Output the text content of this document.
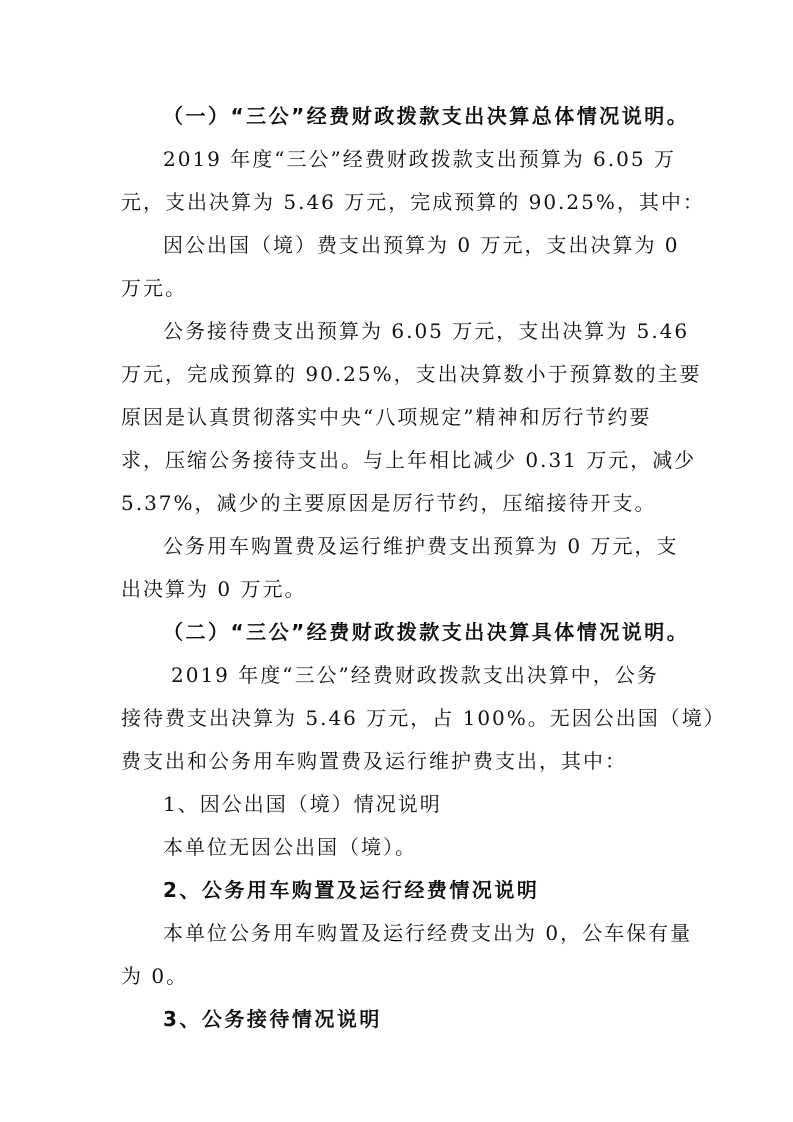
（一）“三公”经费财政拨款支出决算总体情况说明。
2019 年度“三公”经费财政拨款支出预算为 6.05 万
元，支出决算为 5.46 万元，完成预算的 90.25%，其中：
因公出国（境）费支出预算为 0 万元，支出决算为 0
万元。
公务接待费支出预算为 6.05 万元，支出决算为 5.46
万元，完成预算的 90.25%，支出决算数小于预算数的主要
原因是认真贯彻落实中央“八项规定”精神和厉行节约要
求，压缩公务接待支出。与上年相比减少 0.31 万元，减少
5.37%，减少的主要原因是厉行节约，压缩接待开支。
公务用车购置费及运行维护费支出预算为 0 万元，支
出决算为 0 万元。
（二）“三公”经费财政拨款支出决算具体情况说明。
2019 年度“三公”经费财政拨款支出决算中，公务
接待费支出决算为 5.46 万元，占 100%。无因公出国（境）
费支出和公务用车购置费及运行维护费支出，其中：
1、因公出国（境）情况说明
本单位无因公出国（境）。
2、公务用车购置及运行经费情况说明
本单位公务用车购置及运行经费支出为 0，公车保有量
为 0。
3、公务接待情况说明
